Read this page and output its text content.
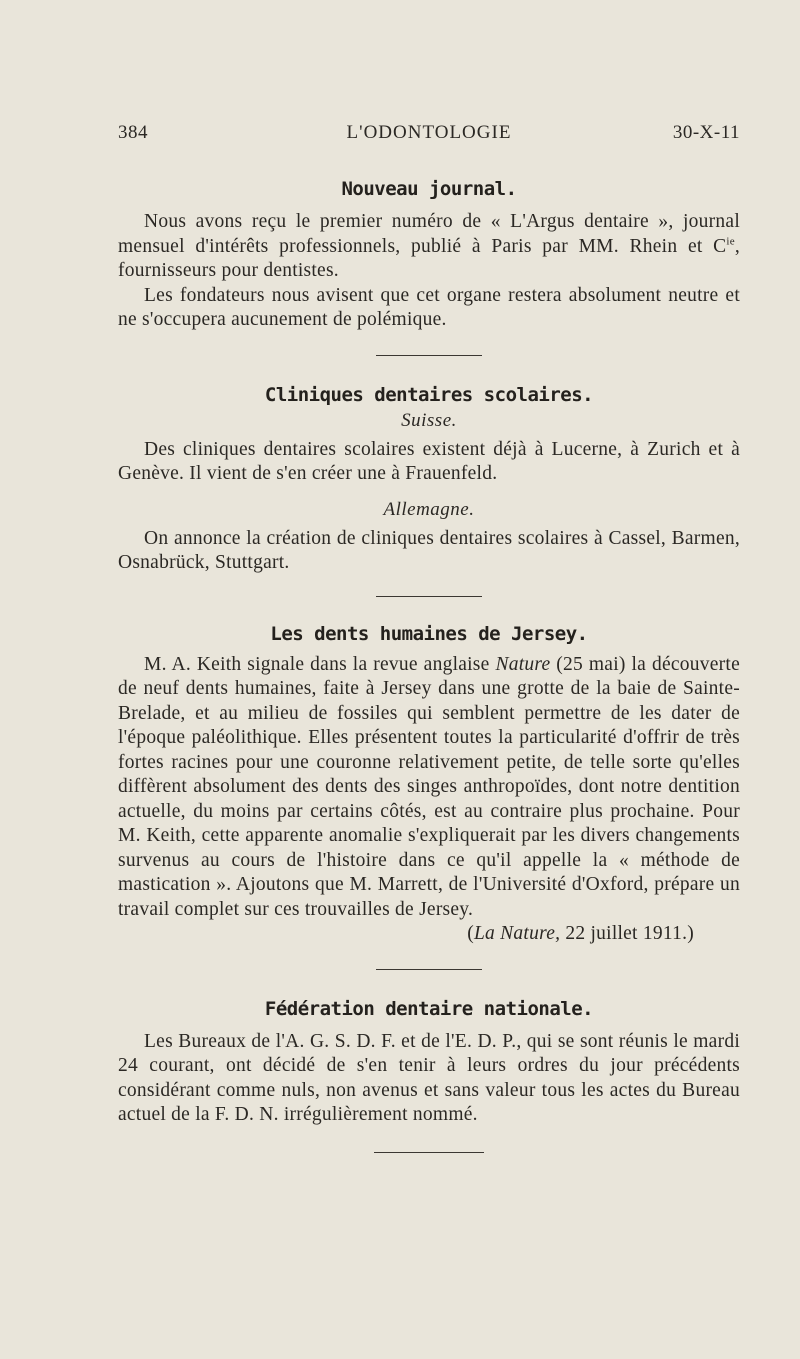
384	L'ODONTOLOGIE	30-X-11
Nouveau journal.

Nous avons reçu le premier numéro de « L'Argus dentaire », journal mensuel d'intérêts professionnels, publié à Paris par MM. Rhein et $C^{ie}$, fournisseurs pour dentistes.

Les fondateurs nous avisent que cet organe restera absolument neutre et ne s'occupera aucunement de polémique.

Cliniques dentaires scolaires.
Suisse.

Des cliniques dentaires scolaires existent déjà à Lucerne, à Zurich et à Genève. Il vient de s'en créer une à Frauenfeld.

Allemagne.

On annonce la création de cliniques dentaires scolaires à Cassel, Barmen, Osnabrück, Stuttgart.

Les dents humaines de Jersey.

M. A. Keith signale dans la revue anglaise Nature (25 mai) la découverte de neuf dents humaines, faite à Jersey dans une grotte de la baie de Sainte-Brelade, et au milieu de fossiles qui semblent permettre de les dater de l'époque paléolithique. Elles présentent toutes la particularité d'offrir de très fortes racines pour une couronne relativement petite, de telle sorte qu'elles diffèrent absolument des dents des singes anthropoïdes, dont notre dentition actuelle, du moins par certains côtés, est au contraire plus prochaine. Pour M. Keith, cette apparente anomalie s'expliquerait par les divers changements survenus au cours de l'histoire dans ce qu'il appelle la « méthode de mastication ». Ajoutons que M. Marrett, de l'Université d'Oxford, prépare un travail complet sur ces trouvailles de Jersey.

(La Nature, 22 juillet 1911.)

Fédération dentaire nationale.

Les Bureaux de l'A. G. S. D. F. et de l'E. D. P., qui se sont réunis le mardi 24 courant, ont décidé de s'en tenir à leurs ordres du jour précédents considérant comme nuls, non avenus et sans valeur tous les actes du Bureau actuel de la F. D. N. irrégulièrement nommé.
